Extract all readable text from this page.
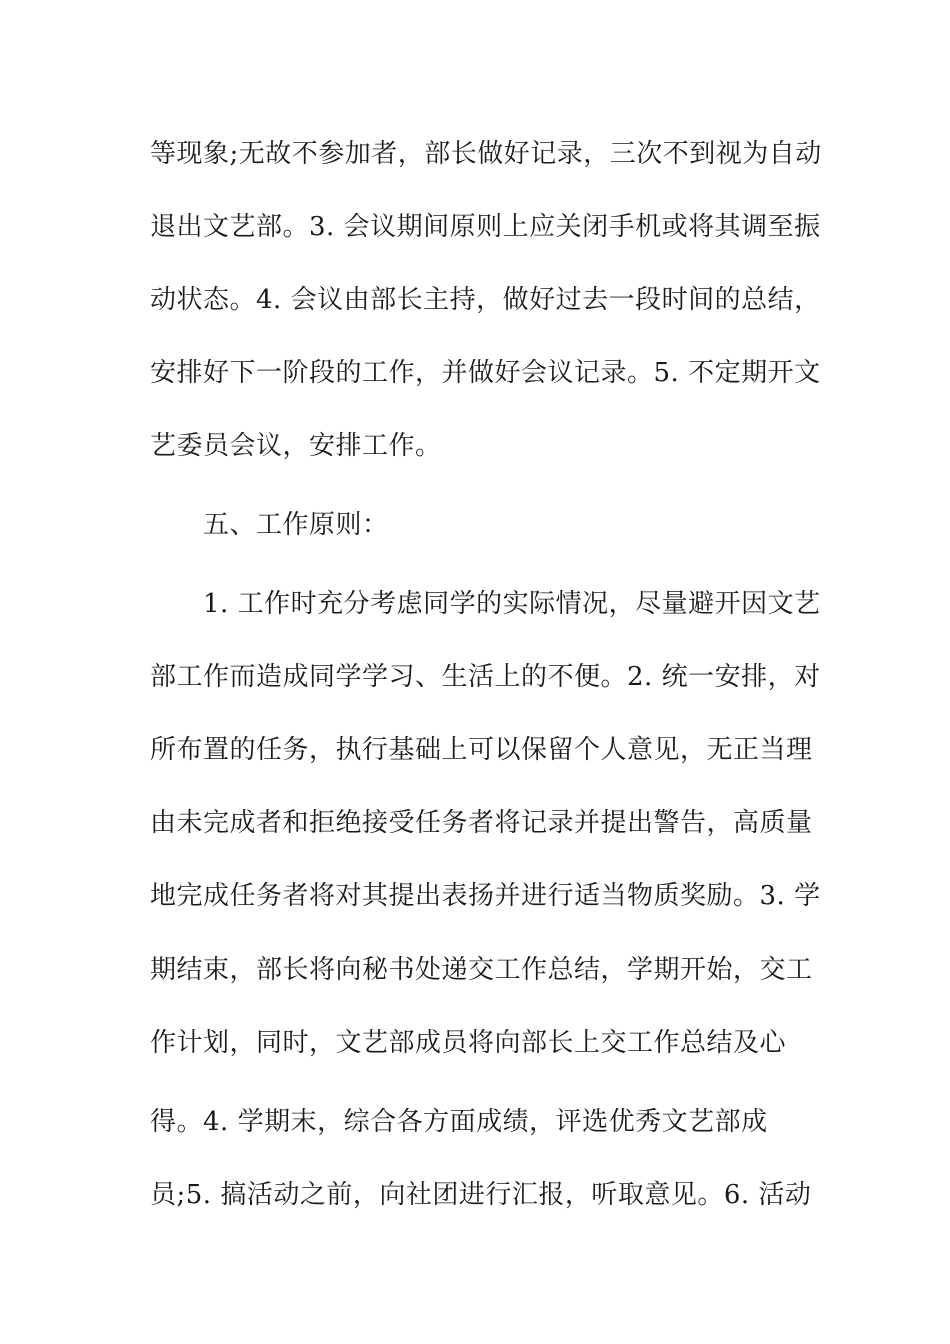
等现象;无故不参加者，部长做好记录，三次不到视为自动
退出文艺部。3. 会议期间原则上应关闭手机或将其调至振
动状态。4. 会议由部长主持，做好过去一段时间的总结，
安排好下一阶段的工作，并做好会议记录。5. 不定期开文
艺委员会议，安排工作。
五、工作原则：
1. 工作时充分考虑同学的实际情况，尽量避开因文艺
部工作而造成同学学习、生活上的不便。2. 统一安排，对
所布置的任务，执行基础上可以保留个人意见，无正当理
由未完成者和拒绝接受任务者将记录并提出警告，高质量
地完成任务者将对其提出表扬并进行适当物质奖励。3. 学
期结束，部长将向秘书处递交工作总结，学期开始，交工
作计划，同时，文艺部成员将向部长上交工作总结及心
得。4. 学期末，综合各方面成绩，评选优秀文艺部成
员;5. 搞活动之前，向社团进行汇报，听取意见。6. 活动
